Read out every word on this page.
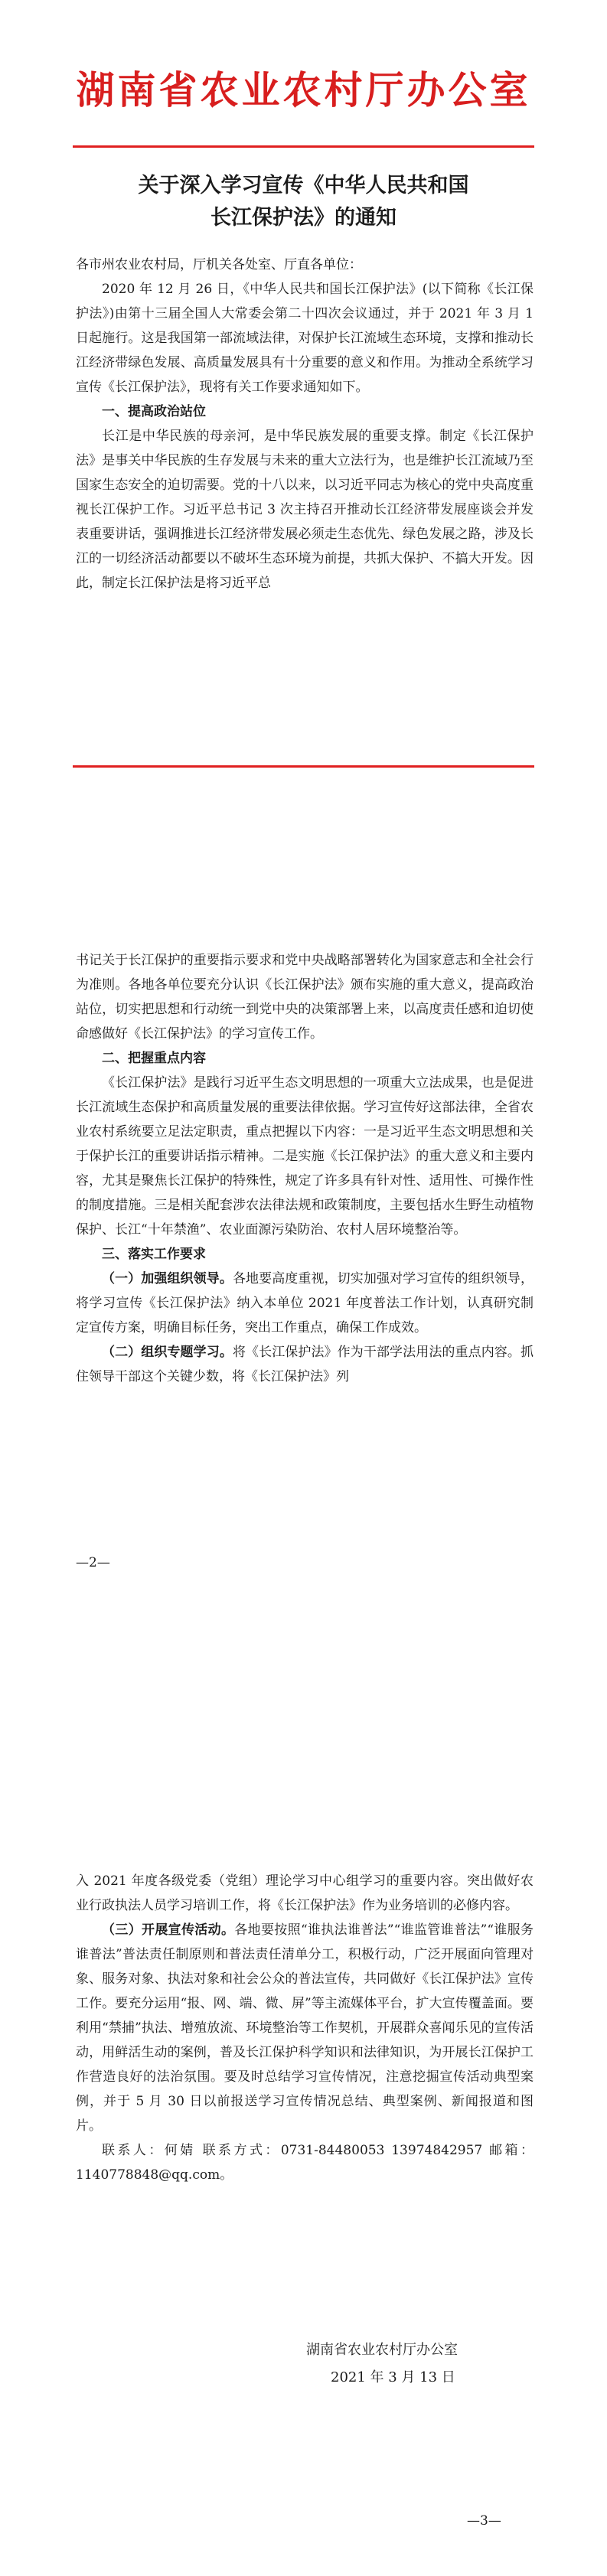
湖南省农业农村厅办公室
关于深入学习宣传《中华人民共和国
长江保护法》的通知
各市州农业农村局，厅机关各处室、厅直各单位：
2020 年 12 月 26 日，《中华人民共和国长江保护法》(以下简称《长江保护法》)由第十三届全国人大常委会第二十四次会议通过，并于 2021 年 3 月 1 日起施行。这是我国第一部流域法律，对保护长江流域生态环境，支撑和推动长江经济带绿色发展、高质量发展具有十分重要的意义和作用。为推动全系统学习宣传《长江保护法》，现将有关工作要求通知如下。
一、提高政治站位
长江是中华民族的母亲河，是中华民族发展的重要支撑。制定《长江保护法》是事关中华民族的生存发展与未来的重大立法行为，也是维护长江流域乃至国家生态安全的迫切需要。党的十八以来，以习近平同志为核心的党中央高度重视长江保护工作。习近平总书记 3 次主持召开推动长江经济带发展座谈会并发表重要讲话，强调推进长江经济带发展必须走生态优先、绿色发展之路，涉及长江的一切经济活动都要以不破坏生态环境为前提，共抓大保护、不搞大开发。因此，制定长江保护法是将习近平总
书记关于长江保护的重要指示要求和党中央战略部署转化为国家意志和全社会行为准则。各地各单位要充分认识《长江保护法》颁布实施的重大意义，提高政治站位，切实把思想和行动统一到党中央的决策部署上来，以高度责任感和迫切使命感做好《长江保护法》的学习宣传工作。
二、把握重点内容
《长江保护法》是践行习近平生态文明思想的一项重大立法成果，也是促进长江流域生态保护和高质量发展的重要法律依据。学习宣传好这部法律，全省农业农村系统要立足法定职责，重点把握以下内容：一是习近平生态文明思想和关于保护长江的重要讲话指示精神。二是实施《长江保护法》的重大意义和主要内容，尤其是聚焦长江保护的特殊性，规定了许多具有针对性、适用性、可操作性的制度措施。三是相关配套涉农法律法规和政策制度，主要包括水生野生动植物保护、长江“十年禁渔”、农业面源污染防治、农村人居环境整治等。
三、落实工作要求
（一）加强组织领导。各地要高度重视，切实加强对学习宣传的组织领导，将学习宣传《长江保护法》纳入本单位 2021 年度普法工作计划，认真研究制定宣传方案，明确目标任务，突出工作重点，确保工作成效。
（二）组织专题学习。将《长江保护法》作为干部学法用法的重点内容。抓住领导干部这个关键少数，将《长江保护法》列
—2—
入 2021 年度各级党委（党组）理论学习中心组学习的重要内容。突出做好农业行政执法人员学习培训工作，将《长江保护法》作为业务培训的必修内容。
（三）开展宣传活动。各地要按照“谁执法谁普法”“谁监管谁普法”“谁服务谁普法”普法责任制原则和普法责任清单分工，积极行动，广泛开展面向管理对象、服务对象、执法对象和社会公众的普法宣传，共同做好《长江保护法》宣传工作。要充分运用“报、网、端、微、屏”等主流媒体平台，扩大宣传覆盖面。要利用“禁捕”执法、增殖放流、环境整治等工作契机，开展群众喜闻乐见的宣传活动，用鲜活生动的案例，普及长江保护科学知识和法律知识，为开展长江保护工作营造良好的法治氛围。要及时总结学习宣传情况，注意挖掘宣传活动典型案例，并于 5 月 30 日以前报送学习宣传情况总结、典型案例、新闻报道和图片。
联系人：何婧 联系方式：0731-84480053 13974842957 邮箱：1140778848@qq.com。
湖南省农业农村厅办公室
2021 年 3 月 13 日
—3—
